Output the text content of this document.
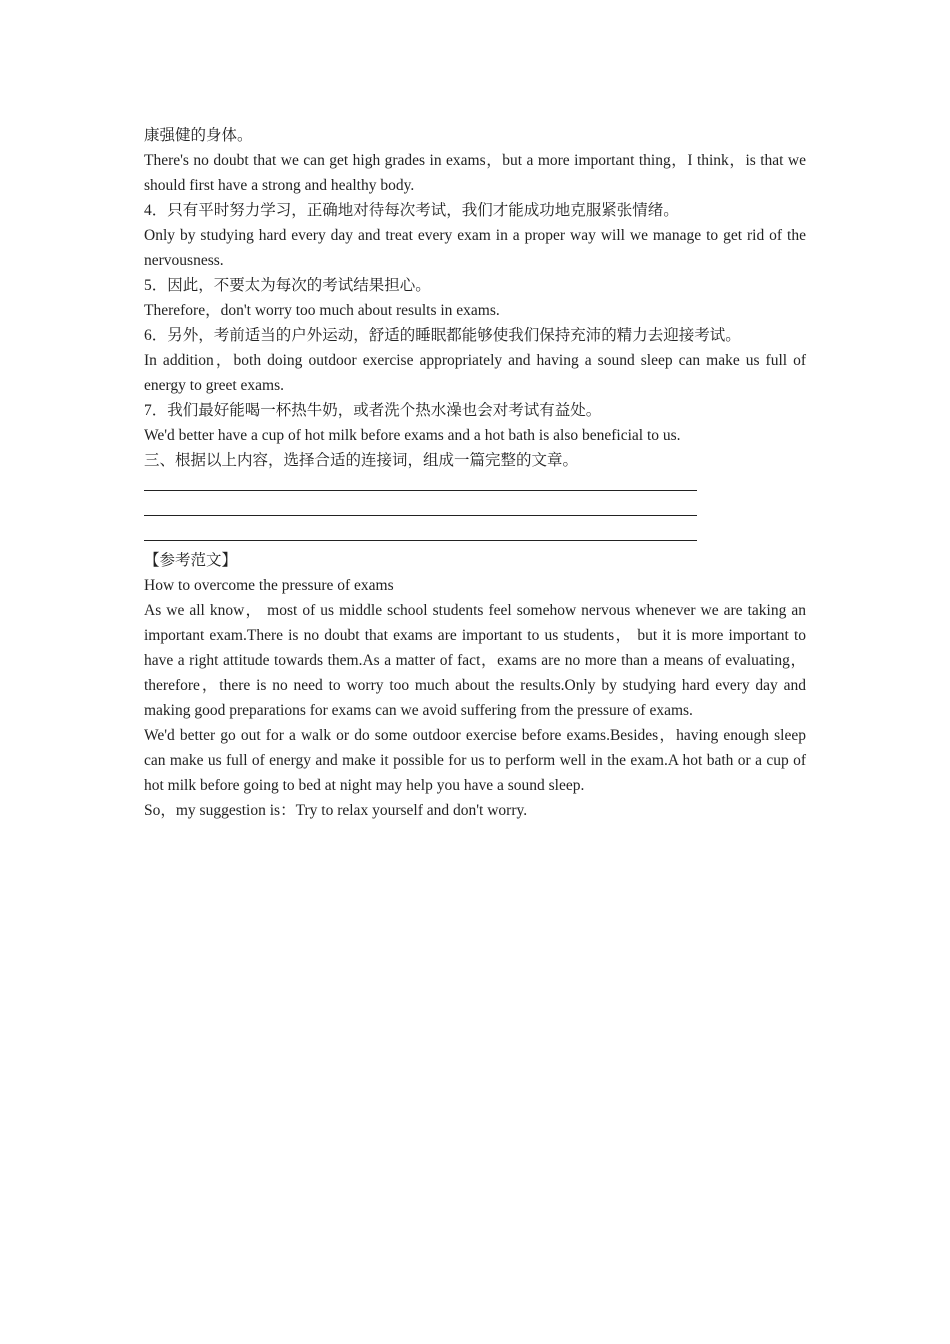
康强健的身体。
There's no doubt that we can get high grades in exams，but a more important thing，I think，is that we should first have a strong and healthy body.
4．只有平时努力学习，正确地对待每次考试，我们才能成功地克服紧张情绪。
Only by studying hard every day and treat every exam in a proper way will we manage to get rid of the nervousness.
5．因此，不要太为每次的考试结果担心。
Therefore，don't worry too much about results in exams.
6．另外，考前适当的户外运动，舒适的睡眠都能够使我们保持充沛的精力去迎接考试。
In addition，both doing outdoor exercise appropriately and having a sound sleep can make us full of energy to greet exams.
7．我们最好能喝一杯热牛奶，或者洗个热水澡也会对考试有益处。
We'd better have a cup of hot milk before exams and a hot bath is also beneficial to us.
三、根据以上内容，选择合适的连接词，组成一篇完整的文章。
【参考范文】
How to overcome the pressure of exams
As we all know， most of us middle school students feel somehow nervous whenever we are taking an important exam.There is no doubt that exams are important to us students， but it is more important to have a right attitude towards them.As a matter of fact，exams are no more than a means of evaluating，therefore，there is no need to worry too much about the results.Only by studying hard every day and making good preparations for exams can we avoid suffering from the pressure of exams.
We'd better go out for a walk or do some outdoor exercise before exams.Besides，having enough sleep can make us full of energy and make it possible for us to perform well in the exam.A hot bath or a cup of hot milk before going to bed at night may help you have a sound sleep.
So，my suggestion is：Try to relax yourself and don't worry.
